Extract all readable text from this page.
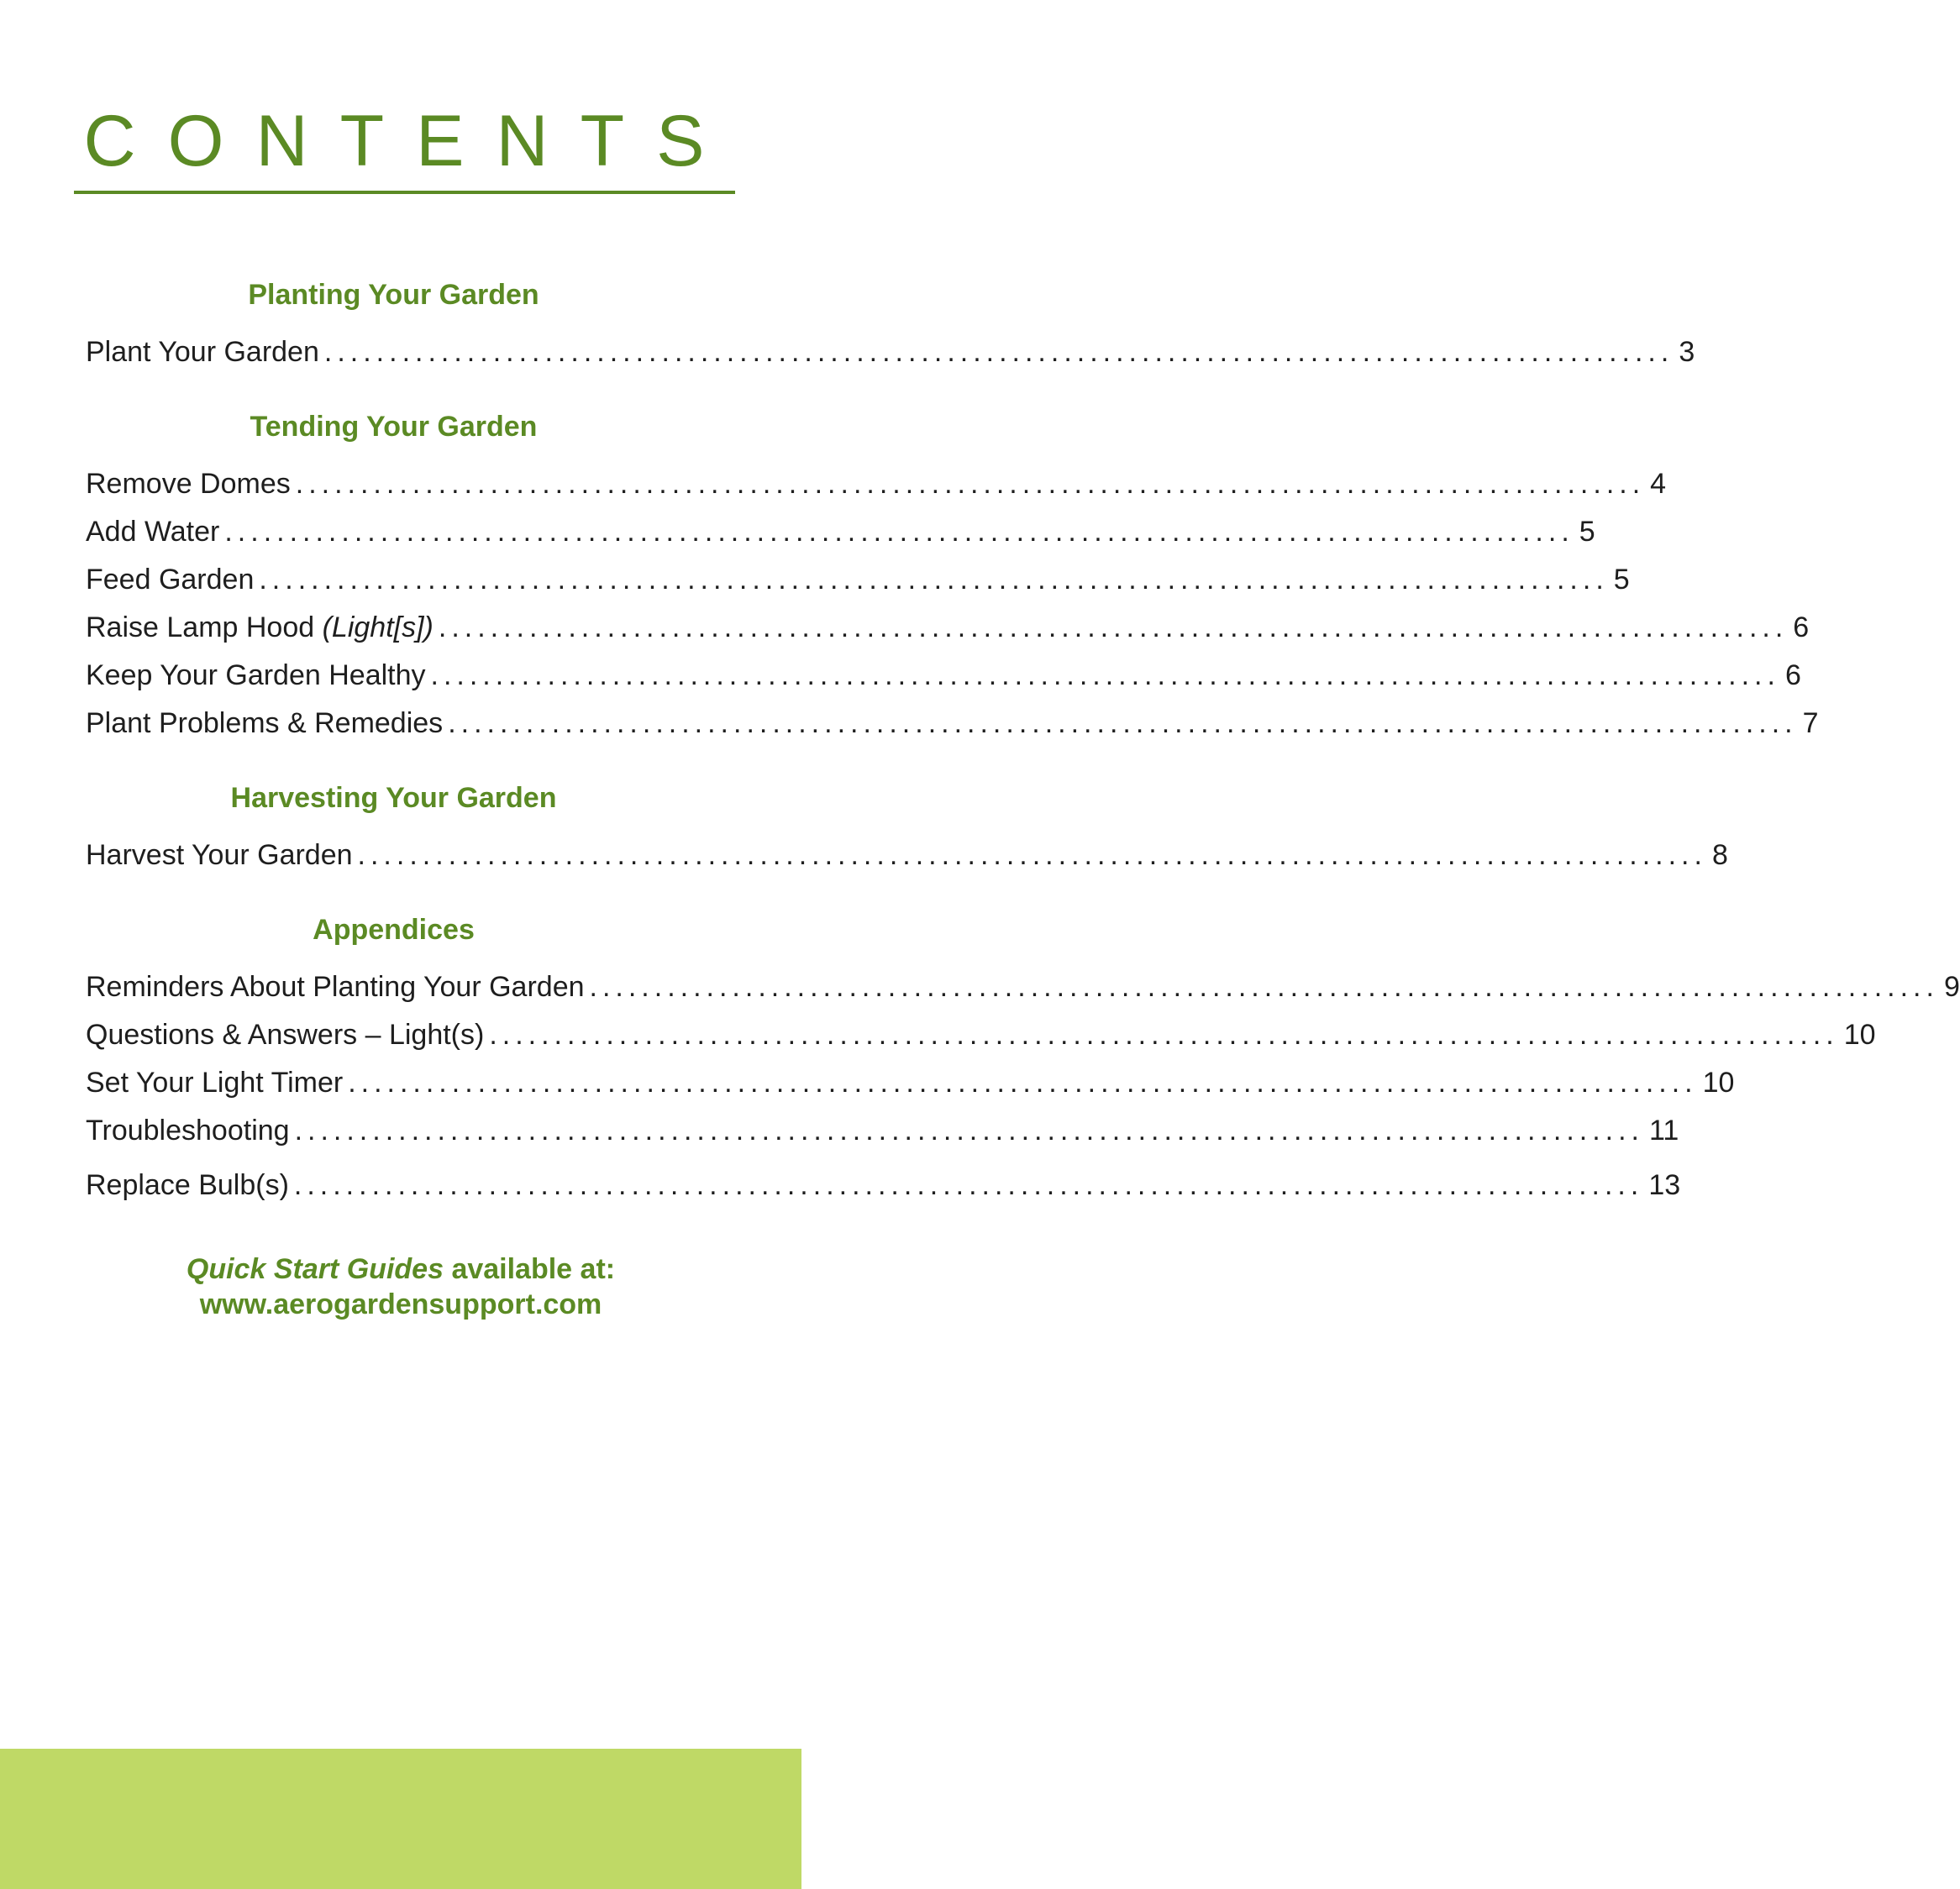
CONTENTS
Planting Your Garden
Plant Your Garden ........................................................................................................ 3
Tending Your Garden
Remove Domes ........................................................................................................ 4
Add Water ........................................................................................................ 5
Feed Garden ........................................................................................................ 5
Raise Lamp Hood (Light[s]) ........................................................................................................ 6
Keep Your Garden Healthy ........................................................................................................ 6
Plant Problems & Remedies ........................................................................................................ 7
Harvesting Your Garden
Harvest Your Garden ........................................................................................................ 8
Appendices
Reminders About Planting Your Garden ........................................................................................................ 9
Questions & Answers – Light(s) ........................................................................................................ 10
Set Your Light Timer ........................................................................................................ 10
Troubleshooting ........................................................................................................ 11
Replace Bulb(s) ........................................................................................................ 13
Quick Start Guides available at:
www.aerogardensupport.com
